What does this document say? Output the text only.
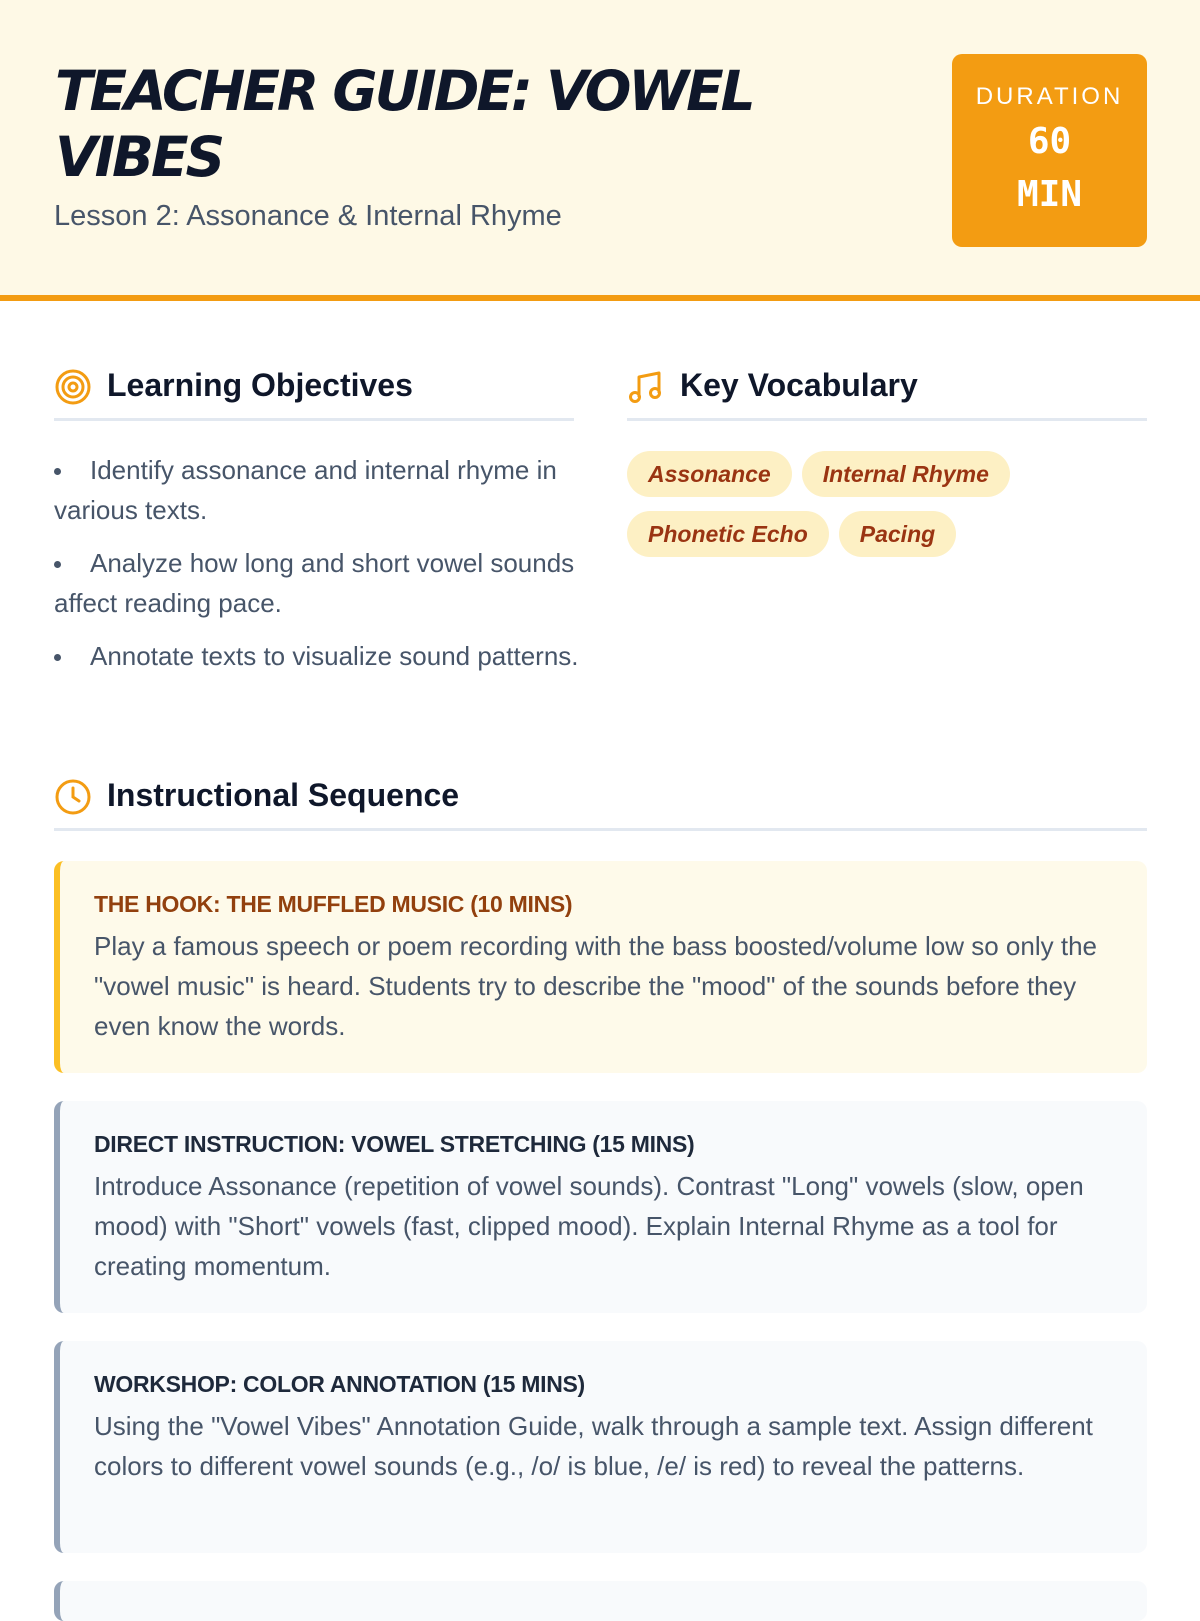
TEACHER GUIDE: VOWEL VIBES
Lesson 2: Assonance & Internal Rhyme
DURATION
60 MIN
Learning Objectives
Identify assonance and internal rhyme in various texts.
Analyze how long and short vowel sounds affect reading pace.
Annotate texts to visualize sound patterns.
Key Vocabulary
Assonance Internal Rhyme
Phonetic Echo Pacing
Instructional Sequence
THE HOOK: THE MUFFLED MUSIC (10 MINS)

Play a famous speech or poem recording with the bass boosted/volume low so only the "vowel music" is heard. Students try to describe the "mood" of the sounds before they even know the words.

DIRECT INSTRUCTION: VOWEL STRETCHING (15 MINS)

Introduce Assonance (repetition of vowel sounds). Contrast "Long" vowels (slow, open mood) with "Short" vowels (fast, clipped mood). Explain Internal Rhyme as a tool for creating momentum.

WORKSHOP: COLOR ANNOTATION (15 MINS)

Using the "Vowel Vibes" Annotation Guide, walk through a sample text. Assign different colors to different vowel sounds (e.g., /o/ is blue, /e/ is red) to reveal the patterns.
